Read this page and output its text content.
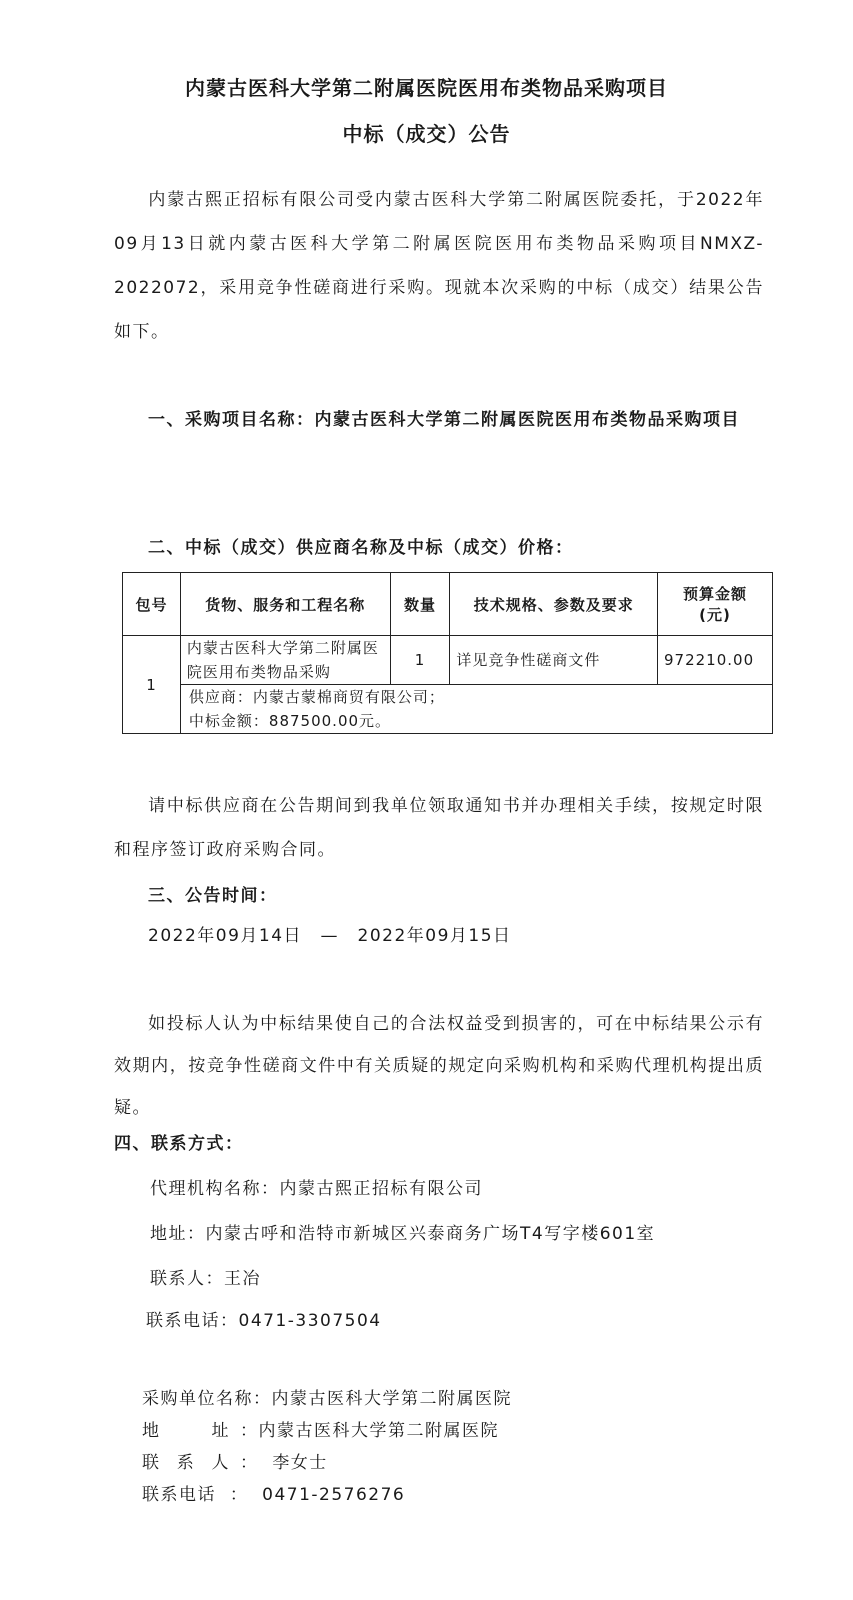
内蒙古医科大学第二附属医院医用布类物品采购项目
中标（成交）公告
内蒙古熙正招标有限公司受内蒙古医科大学第二附属医院委托，于2022年09月13日就内蒙古医科大学第二附属医院医用布类物品采购项目NMXZ-2022072，采用竞争性磋商进行采购。现就本次采购的中标（成交）结果公告如下。
一、采购项目名称：内蒙古医科大学第二附属医院医用布类物品采购项目
二、中标（成交）供应商名称及中标（成交）价格：
包号	货物、服务和工程名称	数量	技术规格、参数及要求	预算金额
(元)
1	内蒙古医科大学第二附属医院医用布类物品采购	1	详见竞争性磋商文件	972210.00
	供应商：内蒙古蒙棉商贸有限公司；
中标金额：887500.00元。			
请中标供应商在公告期间到我单位领取通知书并办理相关手续，按规定时限和程序签订政府采购合同。
三、公告时间：
2022年09月14日　—　2022年09月15日
如投标人认为中标结果使自己的合法权益受到损害的，可在中标结果公示有效期内，按竞争性磋商文件中有关质疑的规定向采购机构和采购代理机构提出质疑。
四、联系方式：
代理机构名称：内蒙古熙正招标有限公司
地址：内蒙古呼和浩特市新城区兴泰商务广场T4写字楼601室
联系人：王冶
联系电话：0471-3307504
采购单位名称：内蒙古医科大学第二附属医院
地	址 ：内蒙古医科大学第二附属医院
联 系 人 ： 李女士
联系电话 ： 0471-2576276
